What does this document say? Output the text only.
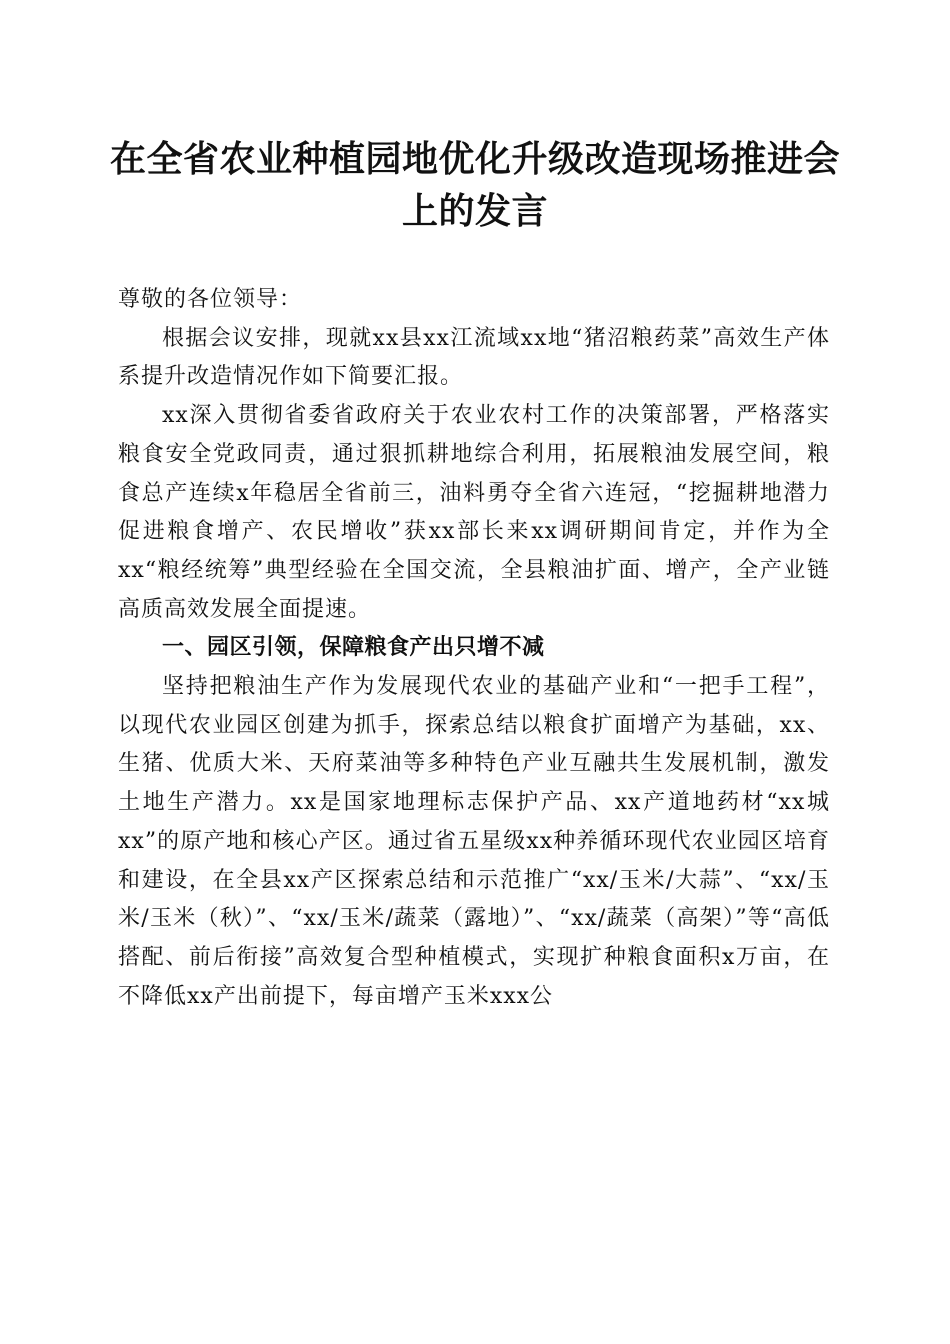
在全省农业种植园地优化升级改造现场推进会上的发言

尊敬的各位领导：

根据会议安排，现就xx县xx江流域xx地“猪沼粮药菜”高效生产体系提升改造情况作如下简要汇报。

xx深入贯彻省委省政府关于农业农村工作的决策部署，严格落实粮食安全党政同责，通过狠抓耕地综合利用，拓展粮油发展空间，粮食总产连续x年稳居全省前三，油料勇夺全省六连冠，“挖掘耕地潜力促进粮食增产、农民增收”获xx部长来xx调研期间肯定，并作为全xx“粮经统筹”典型经验在全国交流，全县粮油扩面、增产，全产业链高质高效发展全面提速。

一、园区引领，保障粮食产出只增不减

坚持把粮油生产作为发展现代农业的基础产业和“一把手工程”，以现代农业园区创建为抓手，探索总结以粮食扩面增产为基础，xx、生猪、优质大米、天府菜油等多种特色产业互融共生发展机制，激发土地生产潜力。xx是国家地理标志保护产品、xx产道地药材“xx城xx”的原产地和核心产区。通过省五星级xx种养循环现代农业园区培育和建设，在全县xx产区探索总结和示范推广“xx/玉米/大蒜”、“xx/玉米/玉米（秋）”、“xx/玉米/蔬菜（露地）”、“xx/蔬菜（高架）”等“高低搭配、前后衔接”高效复合型种植模式，实现扩种粮食面积x万亩，在不降低xx产出前提下，每亩增产玉米xxx公
